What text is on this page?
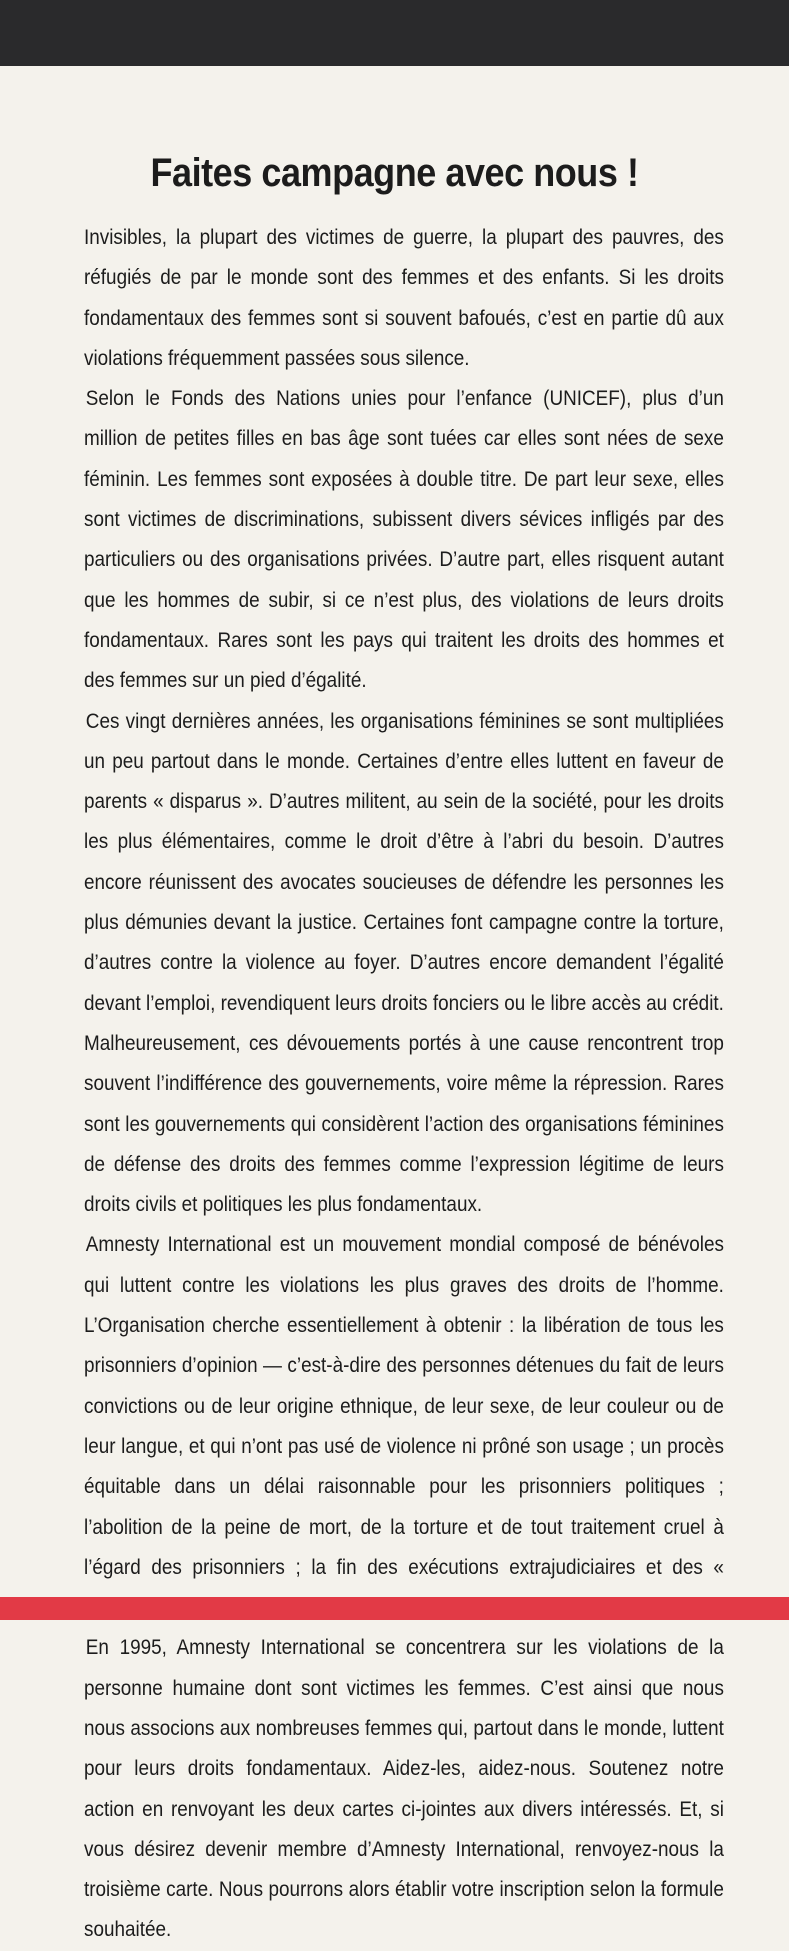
Faites campagne avec nous !

Invisibles, la plupart des victimes de guerre, la plupart des pauvres, des réfugiés de par le monde sont des femmes et des enfants. Si les droits fondamentaux des femmes sont si souvent bafoués, c’est en partie dû aux violations fréquemment passées sous silence.

Selon le Fonds des Nations unies pour l’enfance (UNICEF), plus d’un million de petites filles en bas âge sont tuées car elles sont nées de sexe féminin. Les femmes sont exposées à double titre. De part leur sexe, elles sont victimes de discriminations, subissent divers sévices infligés par des particuliers ou des organisations privées. D’autre part, elles risquent autant que les hommes de subir, si ce n’est plus, des violations de leurs droits fondamentaux. Rares sont les pays qui traitent les droits des hommes et des femmes sur un pied d’égalité.

Ces vingt dernières années, les organisations féminines se sont multipliées un peu partout dans le monde. Certaines d’entre elles luttent en faveur de parents « disparus ». D’autres militent, au sein de la société, pour les droits les plus élémentaires, comme le droit d’être à l’abri du besoin. D’autres encore réunissent des avocates soucieuses de défendre les personnes les plus démunies devant la justice. Certaines font campagne contre la torture, d’autres contre la violence au foyer. D’autres encore demandent l’égalité devant l’emploi, revendiquent leurs droits fonciers ou le libre accès au crédit. Malheureusement, ces dévouements portés à une cause rencontrent trop souvent l’indifférence des gouvernements, voire même la répression. Rares sont les gouvernements qui considèrent l’action des organisations féminines de défense des droits des femmes comme l’expression légitime de leurs droits civils et politiques les plus fondamentaux.

Amnesty International est un mouvement mondial composé de bénévoles qui luttent contre les violations les plus graves des droits de l’homme. L’Organisation cherche essentiellement à obtenir : la libération de tous les prisonniers d’opinion — c’est-à-dire des personnes détenues du fait de leurs convictions ou de leur origine ethnique, de leur sexe, de leur couleur ou de leur langue, et qui n’ont pas usé de violence ni prôné son usage ; un procès équitable dans un délai raisonnable pour les prisonniers politiques ; l’abolition de la peine de mort, de la torture et de tout traitement cruel à l’égard des prisonniers ; la fin des exécutions extrajudiciaires et des «

En 1995, Amnesty International se concentrera sur les violations de la personne humaine dont sont victimes les femmes. C’est ainsi que nous nous associons aux nombreuses femmes qui, partout dans le monde, luttent pour leurs droits fondamentaux. Aidez-les, aidez-nous. Soutenez notre action en renvoyant les deux cartes ci-jointes aux divers intéressés. Et, si vous désirez devenir membre d’Amnesty International, renvoyez-nous la troisième carte. Nous pourrons alors établir votre inscription selon la formule souhaitée.
